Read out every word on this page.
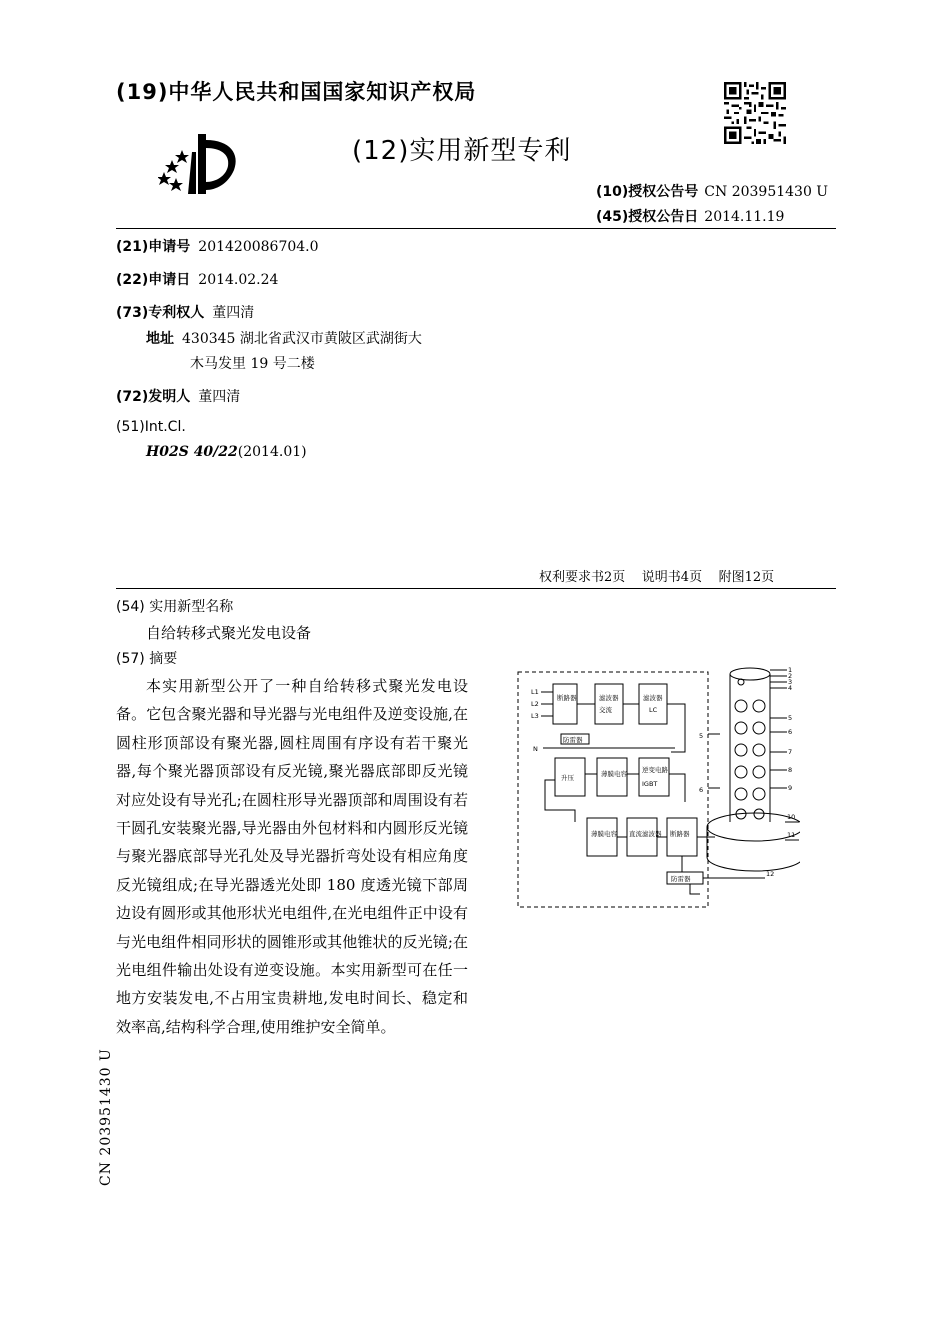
(19)中华人民共和国国家知识产权局
(12)实用新型专利
(10)授权公告号 CN 203951430 U
(45)授权公告日 2014.11.19
(21)申请号 201420086704.0
(22)申请日 2014.02.24
(73)专利权人 董四清
地址 430345 湖北省武汉市黄陂区武湖街大
木马发里 19 号二楼
(72)发明人 董四清
(51)Int.Cl.
H02S 40/22(2014.01)
权利要求书2页    说明书4页    附图12页
(54) 实用新型名称
自给转移式聚光发电设备
(57) 摘要

本实用新型公开了一种自给转移式聚光发电设备。它包含聚光器和导光器与光电组件及逆变设施,在圆柱形顶部设有聚光器,圆柱周围有序设有若干聚光器,每个聚光器顶部设有反光镜,聚光器底部即反光镜对应处设有导光孔;在圆柱形导光器顶部和周围设有若干圆孔安装聚光器,导光器由外包材料和内圆形反光镜与聚光器底部导光孔处及导光器折弯处设有相应角度反光镜组成;在导光器透光处即 180 度透光镜下部周边设有圆形或其他形状光电组件,在光电组件正中设有与光电组件相同形状的圆锥形或其他锥状的反光镜;在光电组件输出处设有逆变设施。本实用新型可在任一地方安装发电,不占用宝贵耕地,发电时间长、稳定和效率高,结构科学合理,使用维护安全简单。

L1
L2
L3
断路器	滤波器
交流
滤波器
LC
防雷器
N
升压	薄膜电容 逆变电路
IGBT
5
6
薄膜电容 直流滤波器 断路器
防雷器
1
2
3
4
5
6
7
8
9
10
11
12
CN 203951430 U
